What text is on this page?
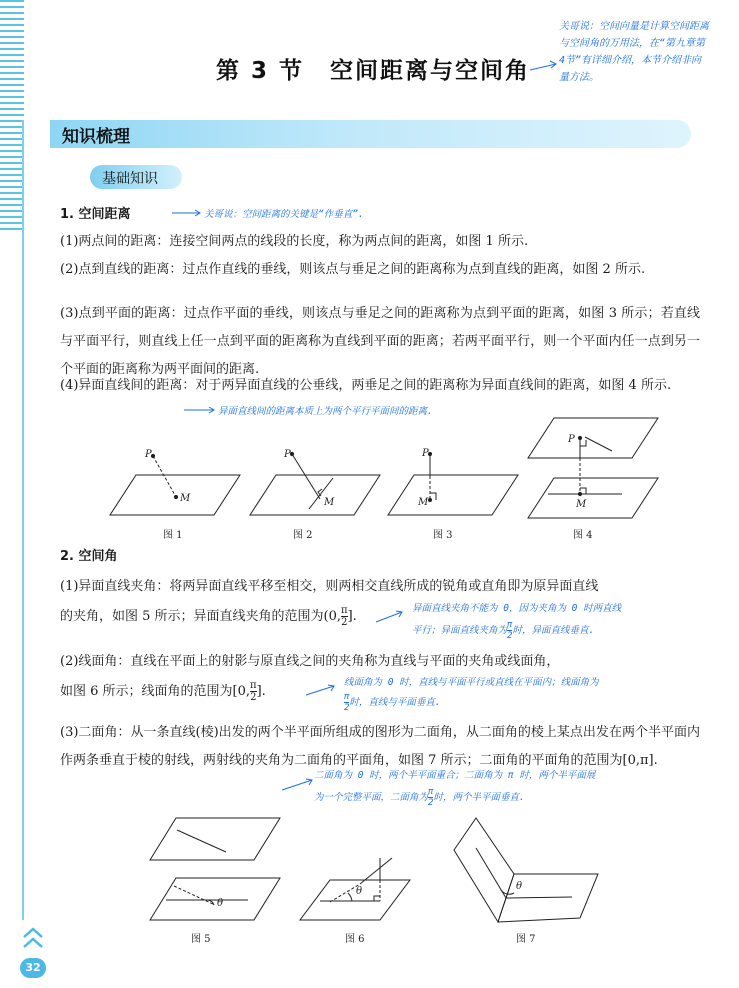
第 3 节 空间距离与空间角
关哥说：空间向量是计算空间距离与空间角的万用法，在“第九章第4节”有详细介绍，本节介绍非向量方法。
知识梳理
基础知识
1. 空间距离	关哥说：空间距离的关键是“作垂直”.
(1)两点间的距离：连接空间两点的线段的长度，称为两点间的距离，如图 1 所示.
(2)点到直线的距离：过点作直线的垂线，则该点与垂足之间的距离称为点到直线的距离，如图 2 所示.
(3)点到平面的距离：过点作平面的垂线，则该点与垂足之间的距离称为点到平面的距离，如图 3 所示；若直线与平面平行，则直线上任一点到平面的距离称为直线到平面的距离；若两平面平行，则一个平面内任一点到另一个平面的距离称为两平面间的距离.
(4)异面直线间的距离：对于两异面直线的公垂线，两垂足之间的距离称为异面直线间的距离，如图 4 所示.
异面直线间的距离本质上为两个平行平面间的距离.
P
M
P
M
P
M
P
M
图 1	图 2	图 3	图 4
2. 空间角
(1)异面直线夹角：将两异面直线平移至相交，则两相交直线所成的锐角或直角即为原异面直线
的夹角，如图 5 所示；异面直线夹角的范围为(0, $\frac{\pi}{2}$ ].
异面直线夹角不能为 0，因为夹角为 0 时两直线
平行；异面直线夹角为 $\frac{\pi}{2}$ 时，异面直线垂直.
(2)线面角：直线在平面上的射影与原直线之间的夹角称为直线与平面的夹角或线面角，
如图 6 所示；线面角的范围为[0, $\frac{\pi}{2}$ ].
线面角为 0 时，直线与平面平行或直线在平面内；线面角为
$\frac{\pi}{2}$ 时，直线与平面垂直.
(3)二面角：从一条直线(棱)出发的两个半平面所组成的图形为二面角，从二面角的棱上某点出发在两个半平面内作两条垂直于棱的射线，两射线的夹角为二面角的平面角，如图 7 所示；二面角的平面角的范围为[0,π].
二面角为 0 时，两个半平面重合；二面角为 π 时，两个半平面展
为一个完整平面，二面角为 $\frac{\pi}{2}$ 时，两个半平面垂直.
θ
θ	θ
图 5	图 6	图 7
32
